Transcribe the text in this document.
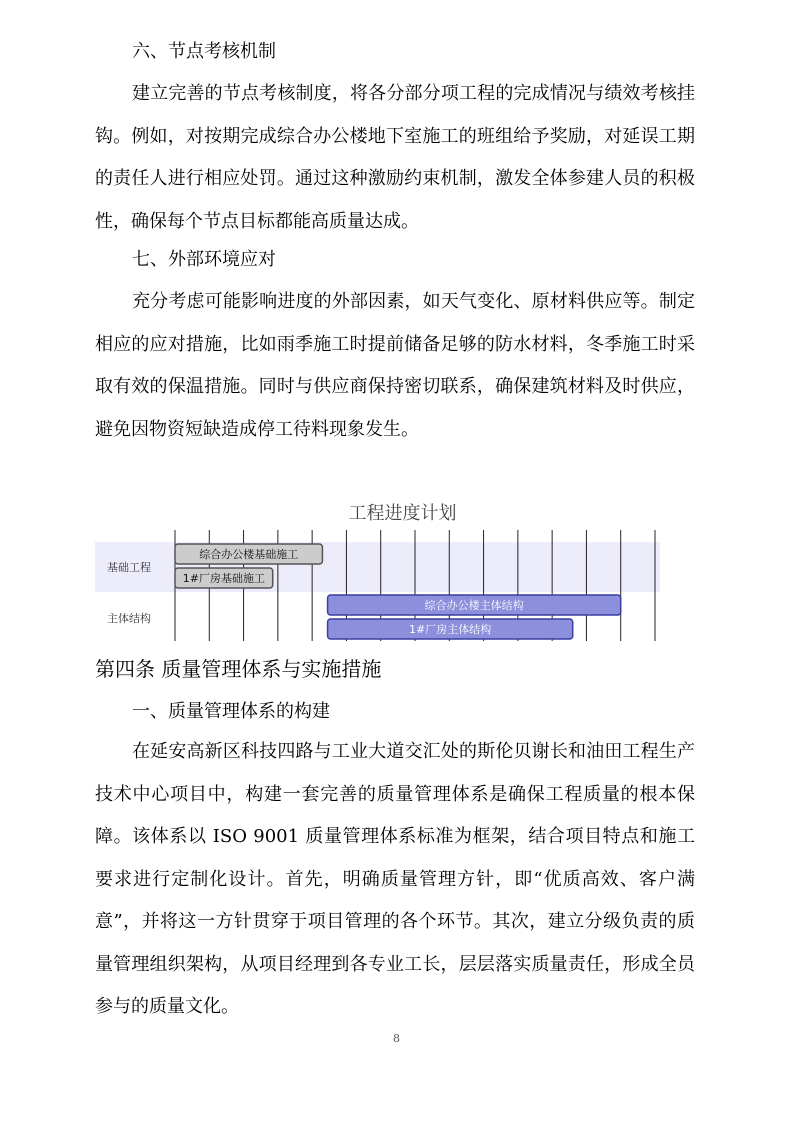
六、节点考核机制

建立完善的节点考核制度，将各分部分项工程的完成情况与绩效考核挂钩。例如，对按期完成综合办公楼地下室施工的班组给予奖励，对延误工期的责任人进行相应处罚。通过这种激励约束机制，激发全体参建人员的积极性，确保每个节点目标都能高质量达成。

七、外部环境应对

充分考虑可能影响进度的外部因素，如天气变化、原材料供应等。制定相应的应对措施，比如雨季施工时提前储备足够的防水材料，冬季施工时采取有效的保温措施。同时与供应商保持密切联系，确保建筑材料及时供应，避免因物资短缺造成停工待料现象发生。

工程进度计划
基础工程
主体结构
综合办公楼基础施工
1#厂房基础施工
综合办公楼主体结构
1#厂房主体结构
第四条 质量管理体系与实施措施
一、质量管理体系的构建

在延安高新区科技四路与工业大道交汇处的斯伦贝谢长和油田工程生产技术中心项目中，构建一套完善的质量管理体系是确保工程质量的根本保障。该体系以 ISO 9001 质量管理体系标准为框架，结合项目特点和施工要求进行定制化设计。首先，明确质量管理方针，即“优质高效、客户满意”，并将这一方针贯穿于项目管理的各个环节。其次，建立分级负责的质量管理组织架构，从项目经理到各专业工长，层层落实质量责任，形成全员参与的质量文化。

8
